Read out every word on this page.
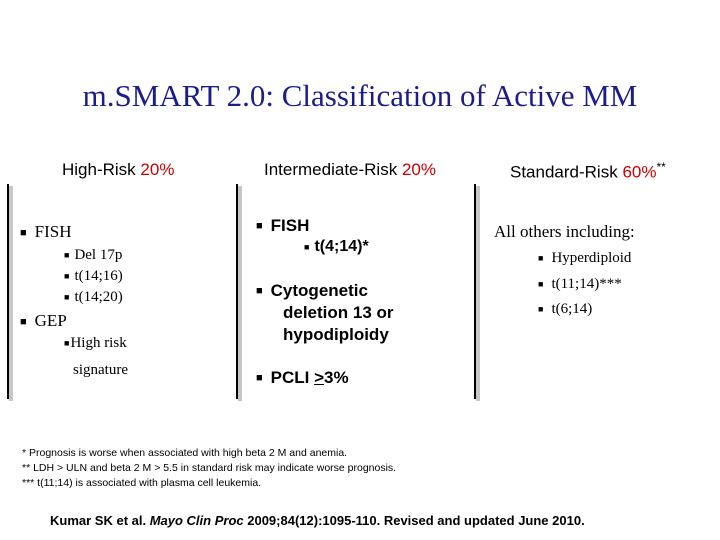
m.SMART 2.0: Classification of Active MM
High-Risk 20%	Intermediate-Risk 20%	Standard-Risk 60%**
■ FISH
■ Del 17p
■ t(14;16)
■ t(14;20)
■ GEP
■High risk
signature
■ FISH
■ t(4;14)*
■ Cytogenetic
deletion 13 or
hypodiploidy
■ PCLI >3%
All others including:
■ Hyperdiploid
■ t(11;14)***
■ t(6;14)
* Prognosis is worse when associated with high beta 2 M and anemia.
** LDH > ULN and beta 2 M > 5.5 in standard risk may indicate worse prognosis.
*** t(11;14) is associated with plasma cell leukemia.
Kumar SK et al. Mayo Clin Proc 2009;84(12):1095-110. Revised and updated June 2010.
